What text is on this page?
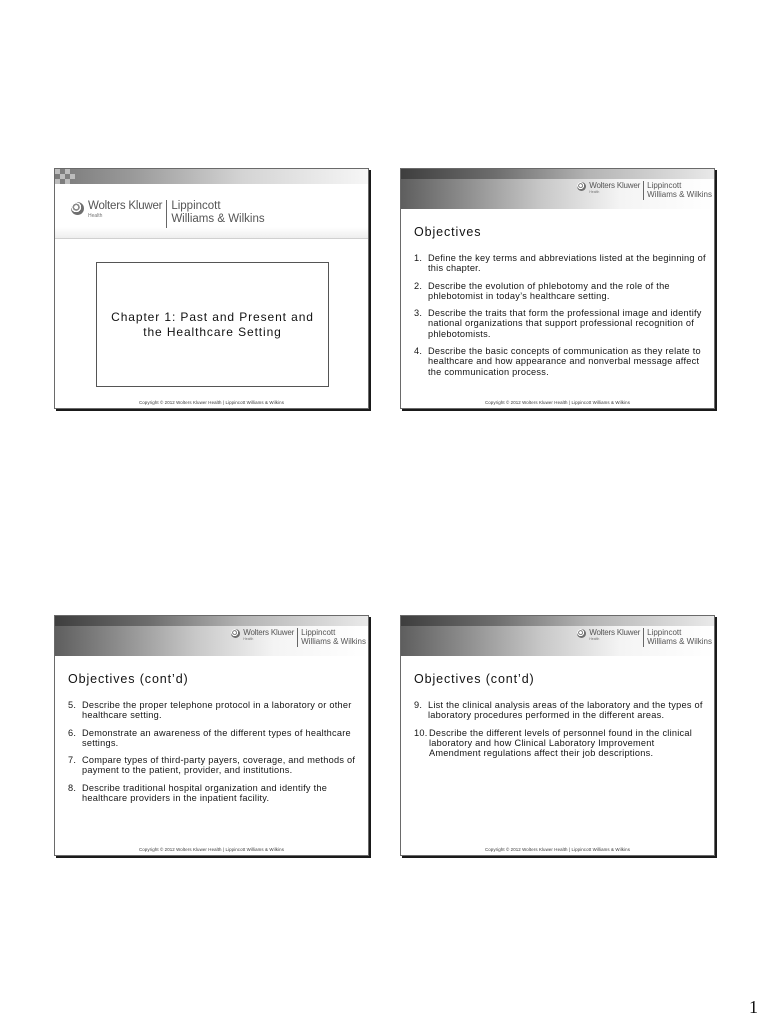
Wolters Kluwer
Health
Lippincott
Williams & Wilkins
Chapter 1: Past and Present and the Healthcare Setting
Copyright © 2012 Wolters Kluwer Health | Lippincott Williams & Wilkins
Wolters Kluwer
Health
Lippincott
Williams & Wilkins
Objectives
1. Define the key terms and abbreviations listed at the beginning of this chapter.
2. Describe the evolution of phlebotomy and the role of the phlebotomist in today’s healthcare setting.
3. Describe the traits that form the professional image and identify national organizations that support professional recognition of phlebotomists.
4. Describe the basic concepts of communication as they relate to healthcare and how appearance and nonverbal message affect the communication process.
Copyright © 2012 Wolters Kluwer Health | Lippincott Williams & Wilkins
Wolters Kluwer
Health
Lippincott
Williams & Wilkins
Objectives (cont’d)
5. Describe the proper telephone protocol in a laboratory or other healthcare setting.
6. Demonstrate an awareness of the different types of healthcare settings.
7. Compare types of third-party payers, coverage, and methods of payment to the patient, provider, and institutions.
8. Describe traditional hospital organization and identify the healthcare providers in the inpatient facility.
Copyright © 2012 Wolters Kluwer Health | Lippincott Williams & Wilkins
Wolters Kluwer
Health
Lippincott
Williams & Wilkins
Objectives (cont’d)
9. List the clinical analysis areas of the laboratory and the types of laboratory procedures performed in the different areas.
10. Describe the different levels of personnel found in the clinical laboratory and how Clinical Laboratory Improvement Amendment regulations affect their job descriptions.
Copyright © 2012 Wolters Kluwer Health | Lippincott Williams & Wilkins
1
